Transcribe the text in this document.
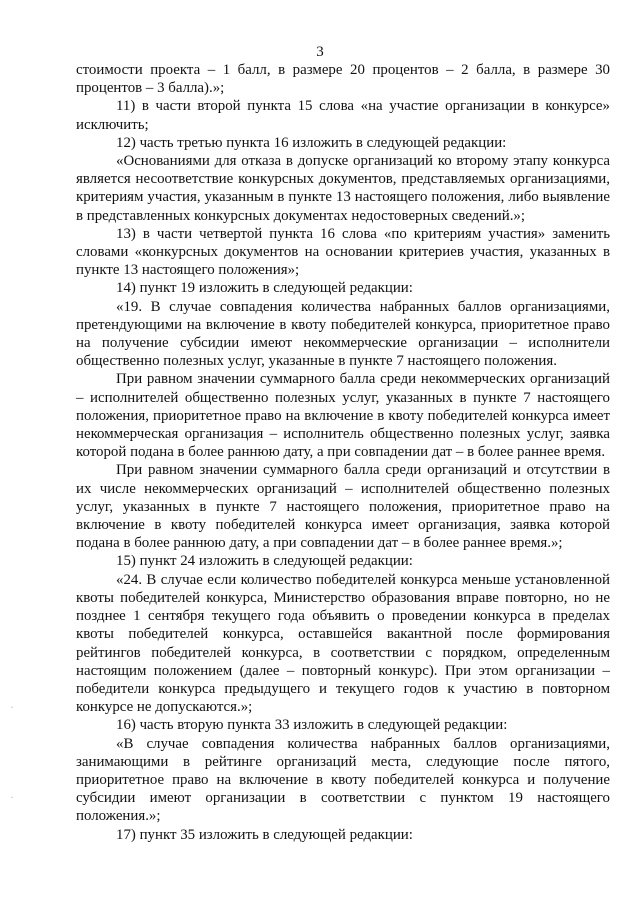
3
·
·

стоимости проекта – 1 балл, в размере 20 процентов – 2 балла, в размере 30 процентов – 3 балла).»;

11) в части второй пункта 15 слова «на участие организации в конкурсе» исключить;

12) часть третью пункта 16 изложить в следующей редакции:

«Основаниями для отказа в допуске организаций ко второму этапу конкурса является несоответствие конкурсных документов, представляемых организациями, критериям участия, указанным в пункте 13 настоящего положения, либо выявление в представленных конкурсных документах недостоверных сведений.»;

13) в части четвертой пункта 16 слова «по критериям участия» заменить словами «конкурсных документов на основании критериев участия, указанных в пункте 13 настоящего положения»;

14) пункт 19 изложить в следующей редакции:

«19. В случае совпадения количества набранных баллов организациями, претендующими на включение в квоту победителей конкурса, приоритетное право на получение субсидии имеют некоммерческие организации – исполнители общественно полезных услуг, указанные в пункте 7 настоящего положения.

При равном значении суммарного балла среди некоммерческих организаций – исполнителей общественно полезных услуг, указанных в пункте 7 настоящего положения, приоритетное право на включение в квоту победителей конкурса имеет некоммерческая организация – исполнитель общественно полезных услуг, заявка которой подана в более раннюю дату, а при совпадении дат – в более раннее время.

При равном значении суммарного балла среди организаций и отсутствии в их числе некоммерческих организаций – исполнителей общественно полезных услуг, указанных в пункте 7 настоящего положения, приоритетное право на включение в квоту победителей конкурса имеет организация, заявка которой подана в более раннюю дату, а при совпадении дат – в более раннее время.»;

15) пункт 24 изложить в следующей редакции:

«24. В случае если количество победителей конкурса меньше установленной квоты победителей конкурса, Министерство образования вправе повторно, но не позднее 1 сентября текущего года объявить о проведении конкурса в пределах квоты победителей конкурса, оставшейся вакантной после формирования рейтингов победителей конкурса, в соответствии с порядком, определенным настоящим положением (далее – повторный конкурс). При этом организации – победители конкурса предыдущего и текущего годов к участию в повторном конкурсе не допускаются.»;

16) часть вторую пункта 33 изложить в следующей редакции:

«В случае совпадения количества набранных баллов организациями, занимающими в рейтинге организаций места, следующие после пятого, приоритетное право на включение в квоту победителей конкурса и получение субсидии имеют организации в соответствии с пунктом 19 настоящего положения.»;

17) пункт 35 изложить в следующей редакции:
